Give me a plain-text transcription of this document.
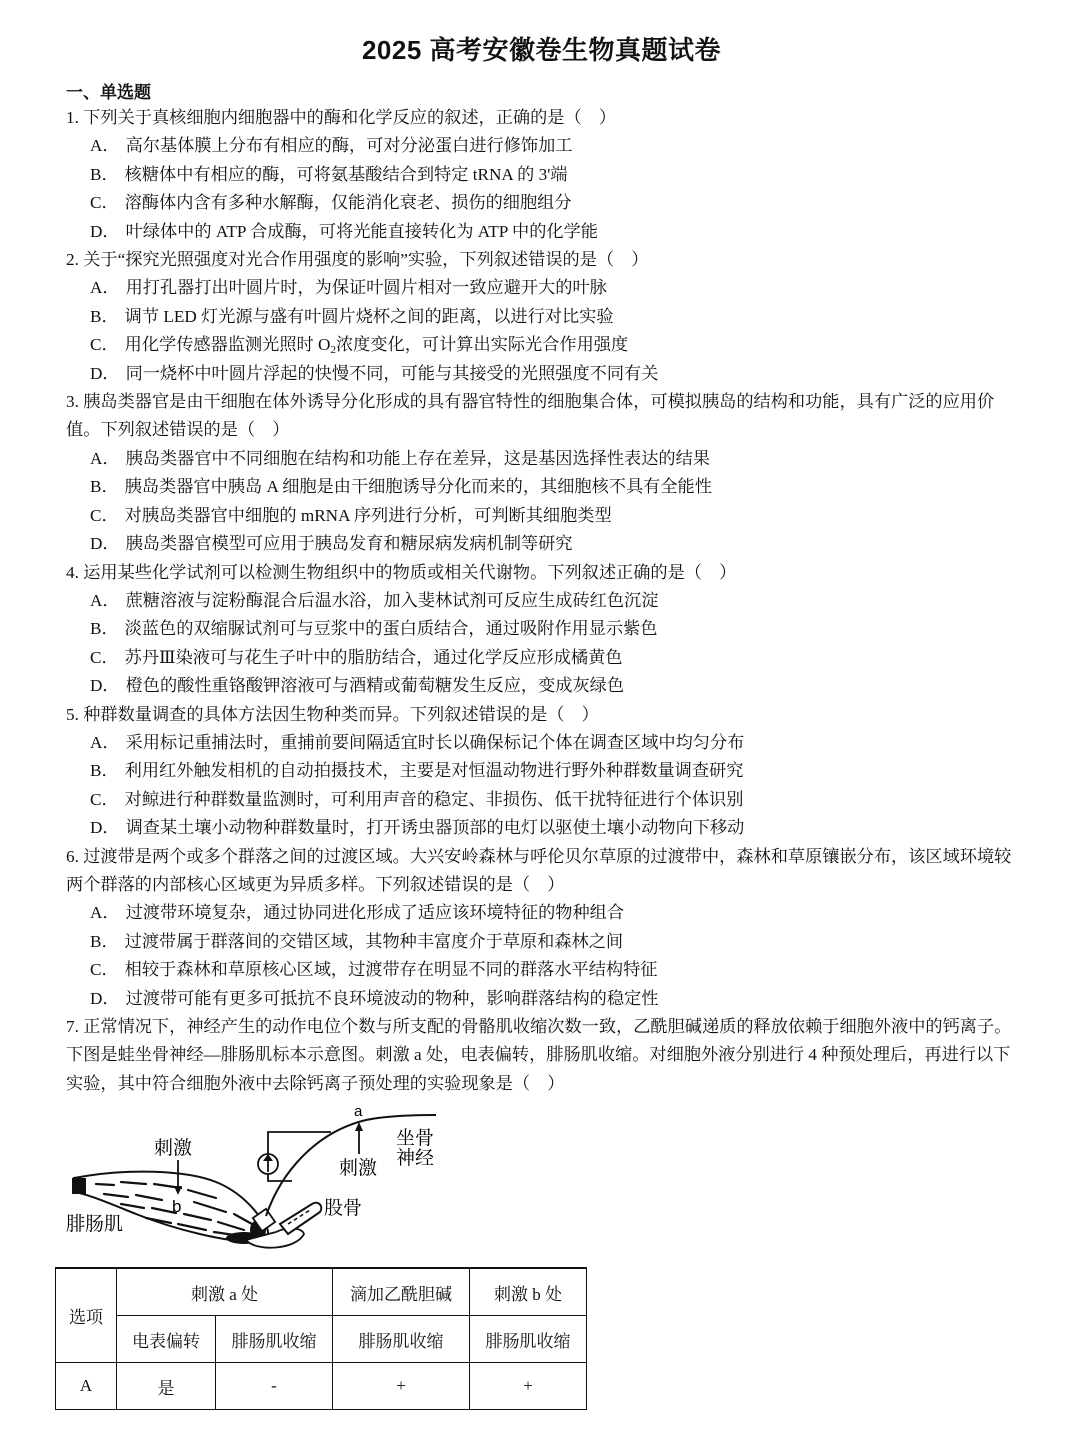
2025 高考安徽卷生物真题试卷
一、单选题
1. 下列关于真核细胞内细胞器中的酶和化学反应的叙述，正确的是（　）
A． 高尔基体膜上分布有相应的酶，可对分泌蛋白进行修饰加工
B． 核糖体中有相应的酶，可将氨基酸结合到特定 tRNA 的 3'端
C． 溶酶体内含有多种水解酶，仅能消化衰老、损伤的细胞组分
D． 叶绿体中的 ATP 合成酶，可将光能直接转化为 ATP 中的化学能
2. 关于“探究光照强度对光合作用强度的影响”实验，下列叙述错误的是（　）
A． 用打孔器打出叶圆片时，为保证叶圆片相对一致应避开大的叶脉
B． 调节 LED 灯光源与盛有叶圆片烧杯之间的距离，以进行对比实验
C． 用化学传感器监测光照时 $O_2$浓度变化，可计算出实际光合作用强度
D． 同一烧杯中叶圆片浮起的快慢不同，可能与其接受的光照强度不同有关
3. 胰岛类器官是由干细胞在体外诱导分化形成的具有器官特性的细胞集合体，可模拟胰岛的结构和功能，具有广泛的应用价值。下列叙述错误的是（　）
A． 胰岛类器官中不同细胞在结构和功能上存在差异，这是基因选择性表达的结果
B． 胰岛类器官中胰岛 A 细胞是由干细胞诱导分化而来的，其细胞核不具有全能性
C． 对胰岛类器官中细胞的 mRNA 序列进行分析，可判断其细胞类型
D． 胰岛类器官模型可应用于胰岛发育和糖尿病发病机制等研究
4. 运用某些化学试剂可以检测生物组织中的物质或相关代谢物。下列叙述正确的是（　）
A． 蔗糖溶液与淀粉酶混合后温水浴，加入斐林试剂可反应生成砖红色沉淀
B． 淡蓝色的双缩脲试剂可与豆浆中的蛋白质结合，通过吸附作用显示紫色
C． 苏丹Ⅲ染液可与花生子叶中的脂肪结合，通过化学反应形成橘黄色
D． 橙色的酸性重铬酸钾溶液可与酒精或葡萄糖发生反应，变成灰绿色
5. 种群数量调查的具体方法因生物种类而异。下列叙述错误的是（　）
A． 采用标记重捕法时，重捕前要间隔适宜时长以确保标记个体在调查区域中均匀分布
B． 利用红外触发相机的自动拍摄技术，主要是对恒温动物进行野外种群数量调查研究
C． 对鲸进行种群数量监测时，可利用声音的稳定、非损伤、低干扰特征进行个体识别
D． 调查某土壤小动物种群数量时，打开诱虫器顶部的电灯以驱使土壤小动物向下移动
6. 过渡带是两个或多个群落之间的过渡区域。大兴安岭森林与呼伦贝尔草原的过渡带中，森林和草原镶嵌分布，该区域环境较两个群落的内部核心区域更为异质多样。下列叙述错误的是（　）
A． 过渡带环境复杂，通过协同进化形成了适应该环境特征的物种组合
B． 过渡带属于群落间的交错区域，其物种丰富度介于草原和森林之间
C． 相较于森林和草原核心区域，过渡带存在明显不同的群落水平结构特征
D． 过渡带可能有更多可抵抗不良环境波动的物种，影响群落结构的稳定性
7. 正常情况下，神经产生的动作电位个数与所支配的骨骼肌收缩次数一致，乙酰胆碱递质的释放依赖于细胞外液中的钙离子。下图是蛙坐骨神经—腓肠肌标本示意图。刺激 a 处，电表偏转，腓肠肌收缩。对细胞外液分别进行 4 种预处理后，再进行以下实验，其中符合细胞外液中去除钙离子预处理的实验现象是（　）
刺激
b
腓肠肌
a
刺激
坐骨
神经
股骨
选项	刺激 a 处		滴加乙酰胆碱	刺激 b 处
	电表偏转	腓肠肌收缩	腓肠肌收缩	腓肠肌收缩
A	是	-	+	+
